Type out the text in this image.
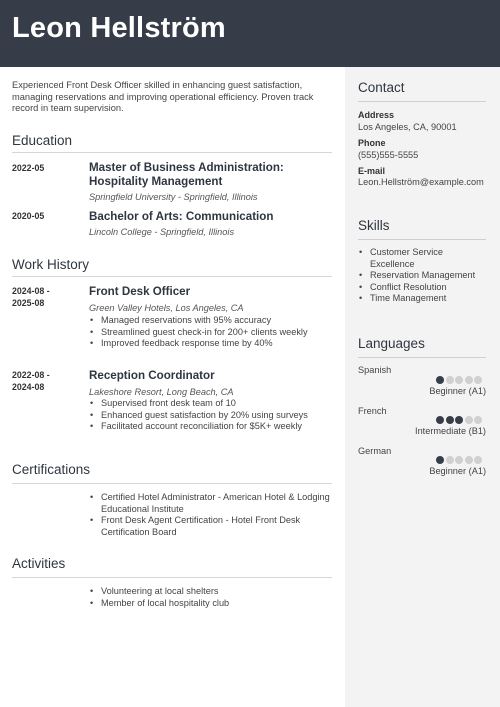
Leon Hellström
Experienced Front Desk Officer skilled in enhancing guest satisfaction, managing reservations and improving operational efficiency. Proven track record in team supervision.
Education
2022-05	Master of Business Administration: Hospitality Management
Springfield University - Springfield, Illinois
2020-05	Bachelor of Arts: Communication
Lincoln College - Springfield, Illinois
Work History
2024-08 -
2025-08
Front Desk Officer
Green Valley Hotels, Los Angeles, CA
• Managed reservations with 95% accuracy
• Streamlined guest check-in for 200+ clients weekly
• Improved feedback response time by 40%
2022-08 -
2024-08
Reception Coordinator
Lakeshore Resort, Long Beach, CA
• Supervised front desk team of 10
• Enhanced guest satisfaction by 20% using surveys
• Facilitated account reconciliation for $5K+ weekly
Certifications
• Certified Hotel Administrator - American Hotel & Lodging Educational Institute
• Front Desk Agent Certification - Hotel Front Desk Certification Board
Activities
• Volunteering at local shelters
• Member of local hospitality club
Contact
Address
Los Angeles, CA, 90001
Phone
(555)555-5555
E-mail
Leon.Hellström@example.com
Skills
• Customer Service Excellence
• Reservation Management
• Conflict Resolution
• Time Management
Languages
Spanish
Beginner (A1)
French
Intermediate (B1)
German
Beginner (A1)
